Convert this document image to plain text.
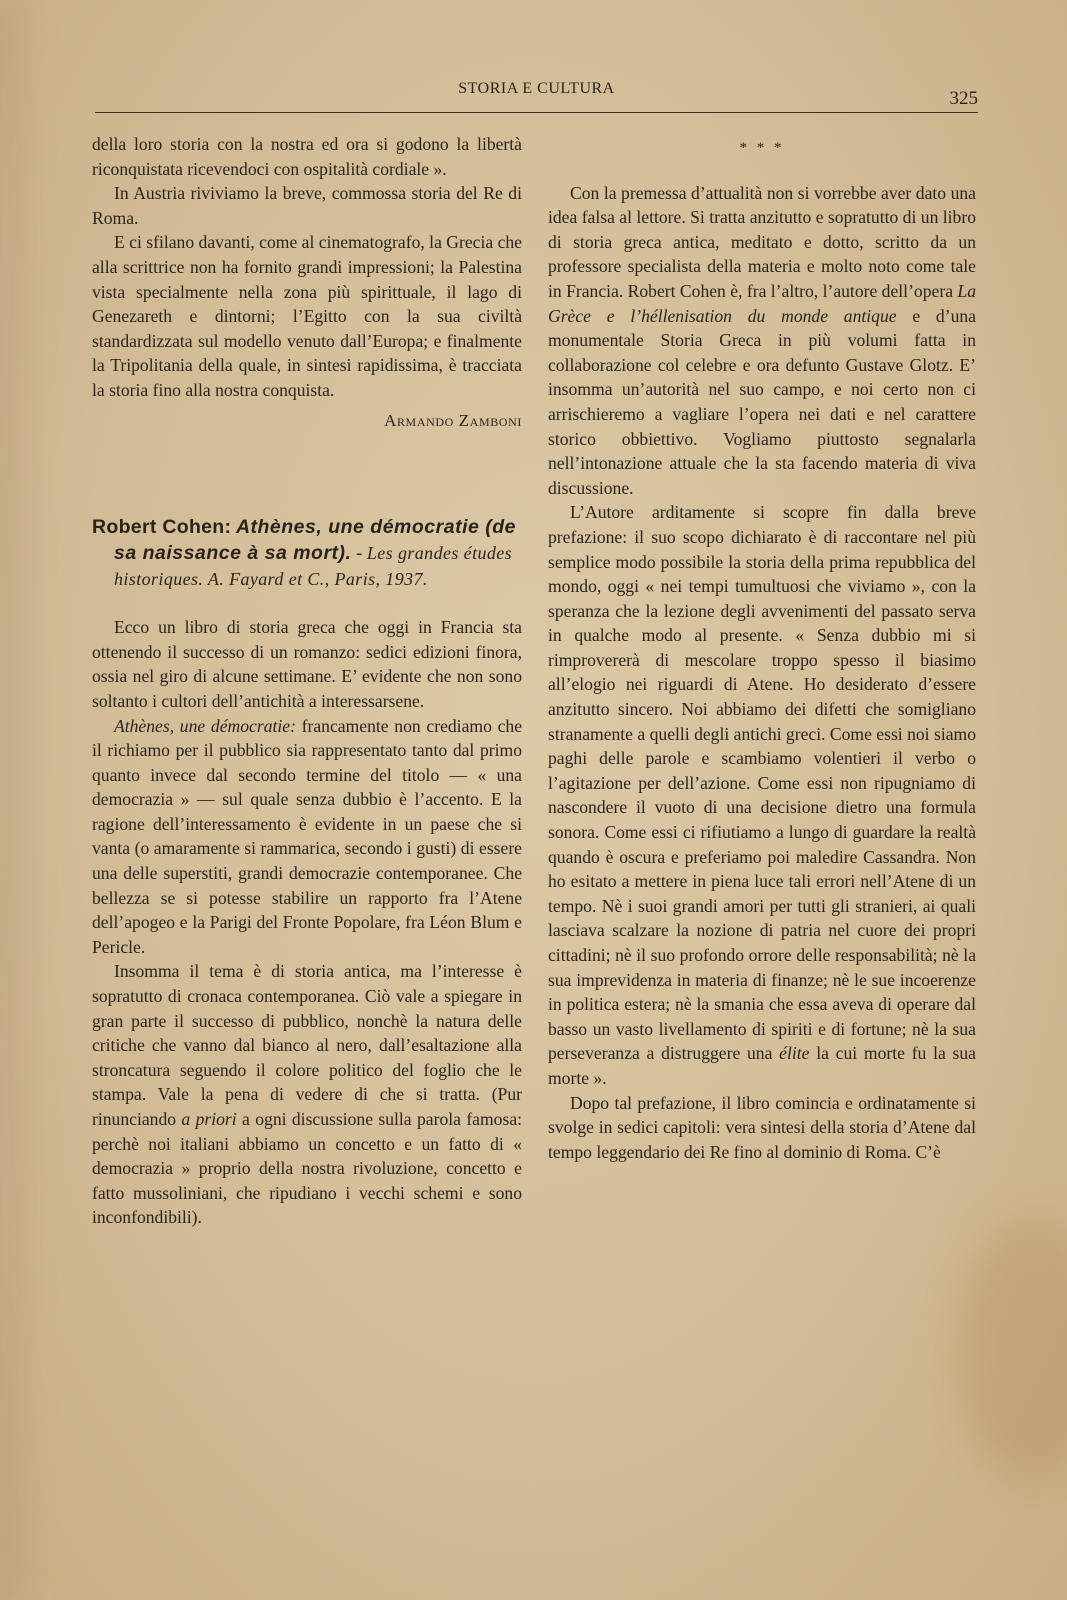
STORIA E CULTURA	325

della loro storia con la nostra ed ora si godono la libertà riconquistata ricevendoci con ospitalità cordiale ».

In Austria riviviamo la breve, commossa storia del Re di Roma.

E ci sfilano davanti, come al cinematografo, la Grecia che alla scrittrice non ha fornito grandi impressioni; la Palestina vista specialmente nella zona più spirittuale, il lago di Genezareth e dintorni; l’Egitto con la sua civiltà standardizzata sul modello venuto dall’Europa; e finalmente la Tripolitania della quale, in sintesi rapidissima, è tracciata la storia fino alla nostra conquista.

Armando Zamboni
Robert Cohen: Athènes, une démocratie (de sa naissance à sa mort). - Les grandes études historiques. A. Fayard et C., Paris, 1937.

Ecco un libro di storia greca che oggi in Francia sta ottenendo il successo di un romanzo: sedici edizioni finora, ossia nel giro di alcune settimane. E’ evidente che non sono soltanto i cultori dell’antichità a interessarsene.

Athènes, une démocratie: francamente non crediamo che il richiamo per il pubblico sia rappresentato tanto dal primo quanto invece dal secondo termine del titolo — « una democrazia » — sul quale senza dubbio è l’accento. E la ragione dell’interessamento è evidente in un paese che si vanta (o amaramente si rammarica, secondo i gusti) di essere una delle superstiti, grandi democrazie contemporanee. Che bellezza se si potesse stabilire un rapporto fra l’Atene dell’apogeo e la Parigi del Fronte Popolare, fra Léon Blum e Pericle.

Insomma il tema è di storia antica, ma l’interesse è sopratutto di cronaca contemporanea. Ciò vale a spiegare in gran parte il successo di pubblico, nonchè la natura delle critiche che vanno dal bianco al nero, dall’esaltazione alla stroncatura seguendo il colore politico del foglio che le stampa. Vale la pena di vedere di che si tratta. (Pur rinunciando a priori a ogni discussione sulla parola famosa: perchè noi italiani abbiamo un concetto e un fatto di « democrazia » proprio della nostra rivoluzione, concetto e fatto mussoliniani, che ripudiano i vecchi schemi e sono inconfondibili).

* * *

Con la premessa d’attualità non si vorrebbe aver dato una idea falsa al lettore. Si tratta anzitutto e sopratutto di un libro di storia greca antica, meditato e dotto, scritto da un professore specialista della materia e molto noto come tale in Francia. Robert Cohen è, fra l’altro, l’autore dell’opera La Grèce e l’héllenisation du monde antique e d’una monumentale Storia Greca in più volumi fatta in collaborazione col celebre e ora defunto Gustave Glotz. E’ insomma un’autorità nel suo campo, e noi certo non ci arrischieremo a vagliare l’opera nei dati e nel carattere storico obbiettivo. Vogliamo piuttosto segnalarla nell’intonazione attuale che la sta facendo materia di viva discussione.

L’Autore arditamente si scopre fin dalla breve prefazione: il suo scopo dichiarato è di raccontare nel più semplice modo possibile la storia della prima repubblica del mondo, oggi « nei tempi tumultuosi che viviamo », con la speranza che la lezione degli avvenimenti del passato serva in qualche modo al presente. « Senza dubbio mi si rimprovererà di mescolare troppo spesso il biasimo all’elogio nei riguardi di Atene. Ho desiderato d’essere anzitutto sincero. Noi abbiamo dei difetti che somigliano stranamente a quelli degli antichi greci. Come essi noi siamo paghi delle parole e scambiamo volentieri il verbo o l’agitazione per dell’azione. Come essi non ripugniamo di nascondere il vuoto di una decisione dietro una formula sonora. Come essi ci rifiutiamo a lungo di guardare la realtà quando è oscura e preferiamo poi maledire Cassandra. Non ho esitato a mettere in piena luce tali errori nell’Atene di un tempo. Nè i suoi grandi amori per tutti gli stranieri, ai quali lasciava scalzare la nozione di patria nel cuore dei propri cittadini; nè il suo profondo orrore delle responsabilità; nè la sua imprevidenza in materia di finanze; nè le sue incoerenze in politica estera; nè la smania che essa aveva di operare dal basso un vasto livellamento di spiriti e di fortune; nè la sua perseveranza a distruggere una élite la cui morte fu la sua morte ».

Dopo tal prefazione, il libro comincia e ordinatamente si svolge in sedici capitoli: vera sintesi della storia d’Atene dal tempo leggendario dei Re fino al dominio di Roma. C’è
